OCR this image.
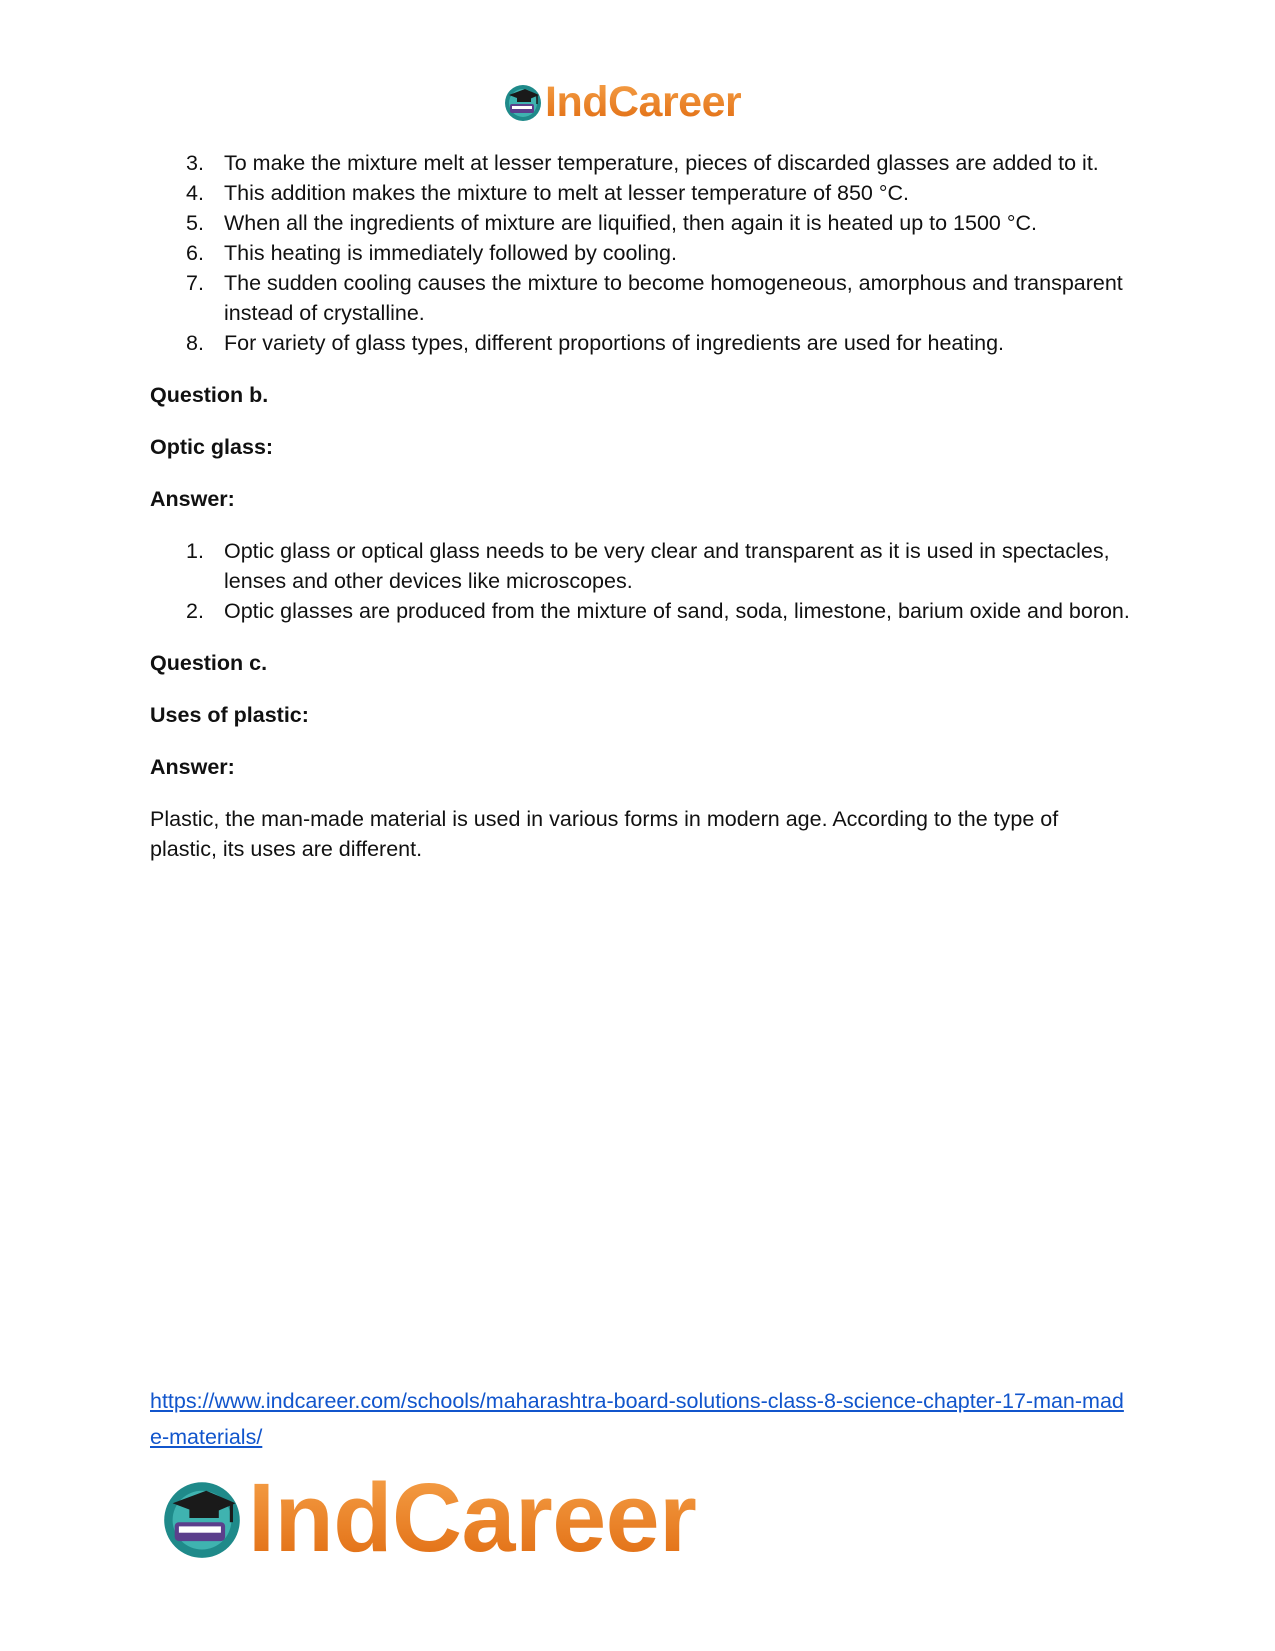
IndCareer
3. To make the mixture melt at lesser temperature, pieces of discarded glasses are added to it.
4. This addition makes the mixture to melt at lesser temperature of 850 °C.
5. When all the ingredients of mixture are liquified, then again it is heated up to 1500 °C.
6. This heating is immediately followed by cooling.
7. The sudden cooling causes the mixture to become homogeneous, amorphous and transparent instead of crystalline.
8. For variety of glass types, different proportions of ingredients are used for heating.

Question b.

Optic glass:

Answer:

1. Optic glass or optical glass needs to be very clear and transparent as it is used in spectacles, lenses and other devices like microscopes.
2. Optic glasses are produced from the mixture of sand, soda, limestone, barium oxide and boron.

Question c.

Uses of plastic:

Answer:

Plastic, the man-made material is used in various forms in modern age. According to the type of plastic, its uses are different.

https://www.indcareer.com/schools/maharashtra-board-solutions-class-8-science-chapter-17-man-made-materials/
IndCareer
